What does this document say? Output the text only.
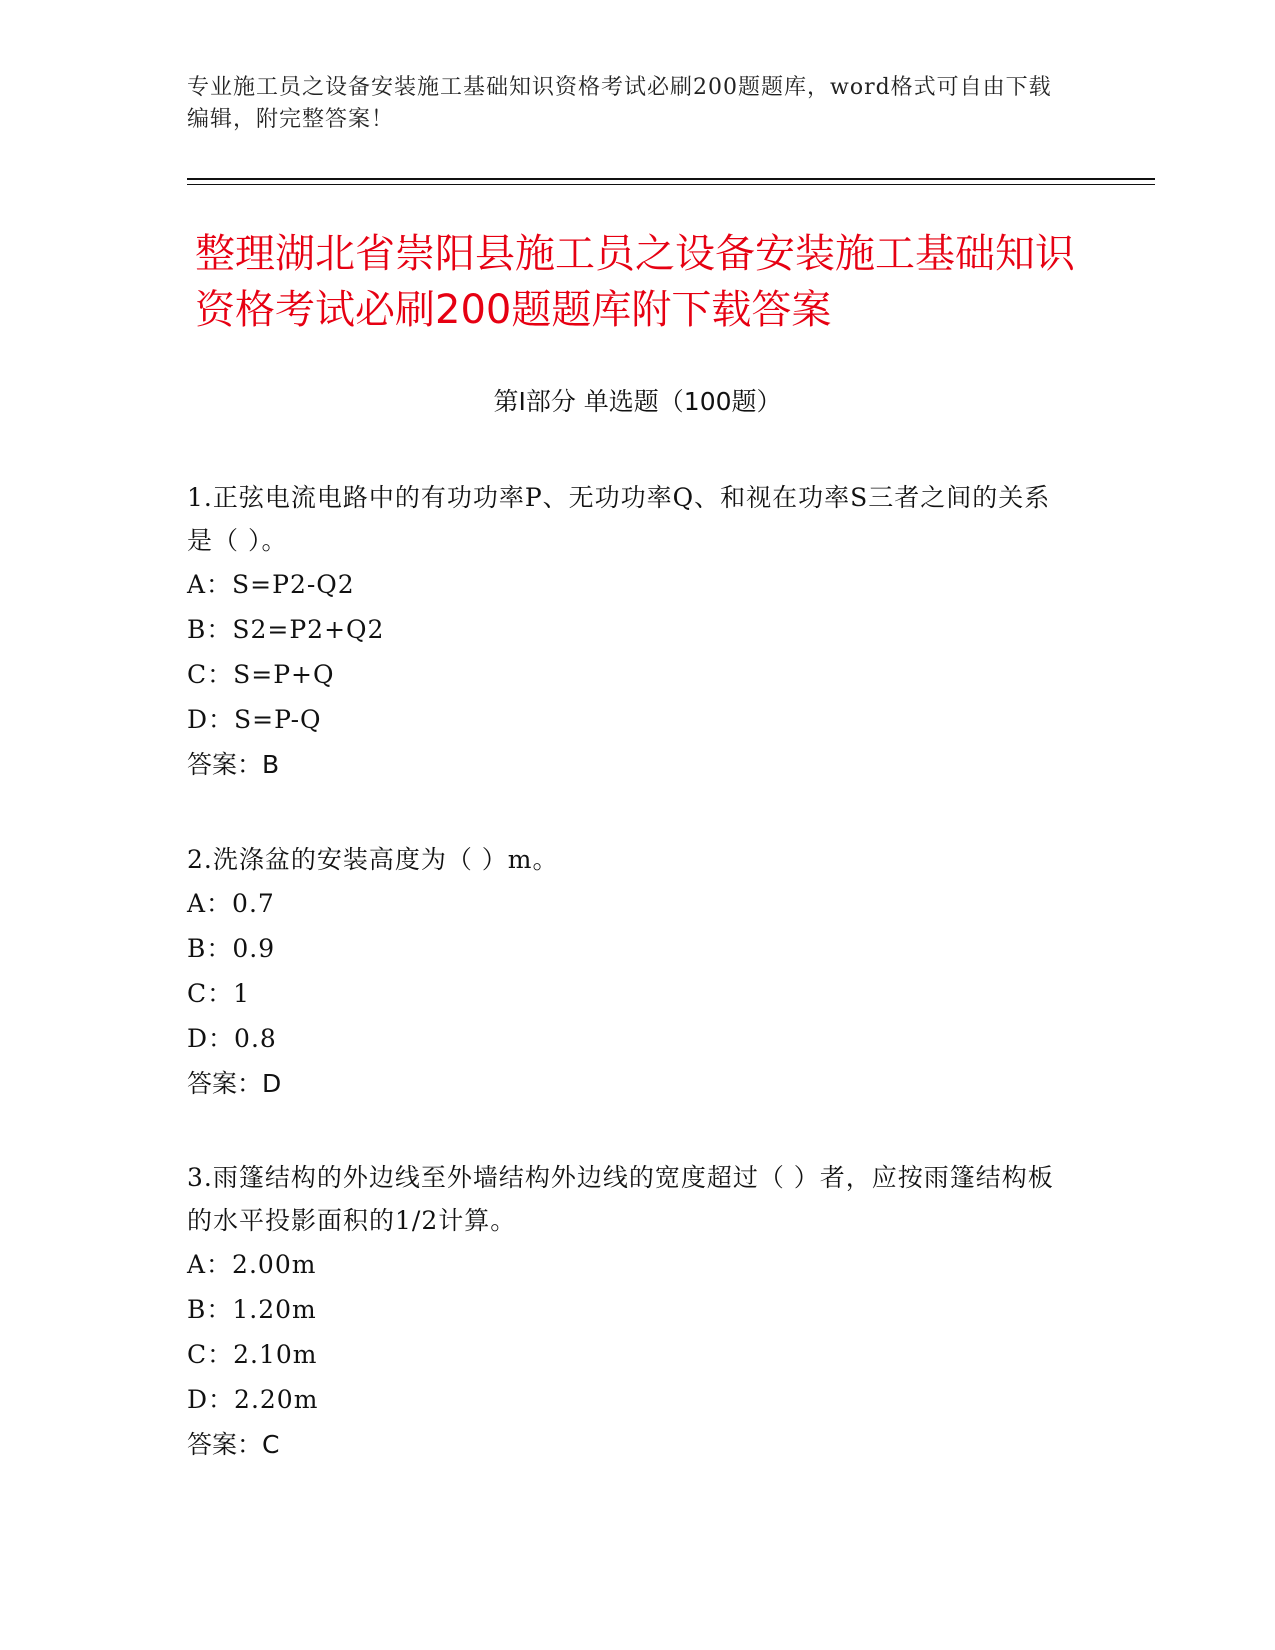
专业施工员之设备安装施工基础知识资格考试必刷200题题库，word格式可自由下载编辑，附完整答案！
整理湖北省崇阳县施工员之设备安装施工基础知识资格考试必刷200题题库附下载答案
第Ⅰ部分 单选题（100题）

1.正弦电流电路中的有功功率P、无功功率Q、和视在功率S三者之间的关系是（ ）。

A：S=P2-Q2

B：S2=P2+Q2

C：S=P+Q

D：S=P-Q

答案：B

2.洗涤盆的安装高度为（ ）m。

A：0.7

B：0.9

C：1

D：0.8

答案：D

3.雨篷结构的外边线至外墙结构外边线的宽度超过（ ）者，应按雨篷结构板的水平投影面积的1/2计算。

A：2.00m

B：1.20m

C：2.10m

D：2.20m

答案：C
